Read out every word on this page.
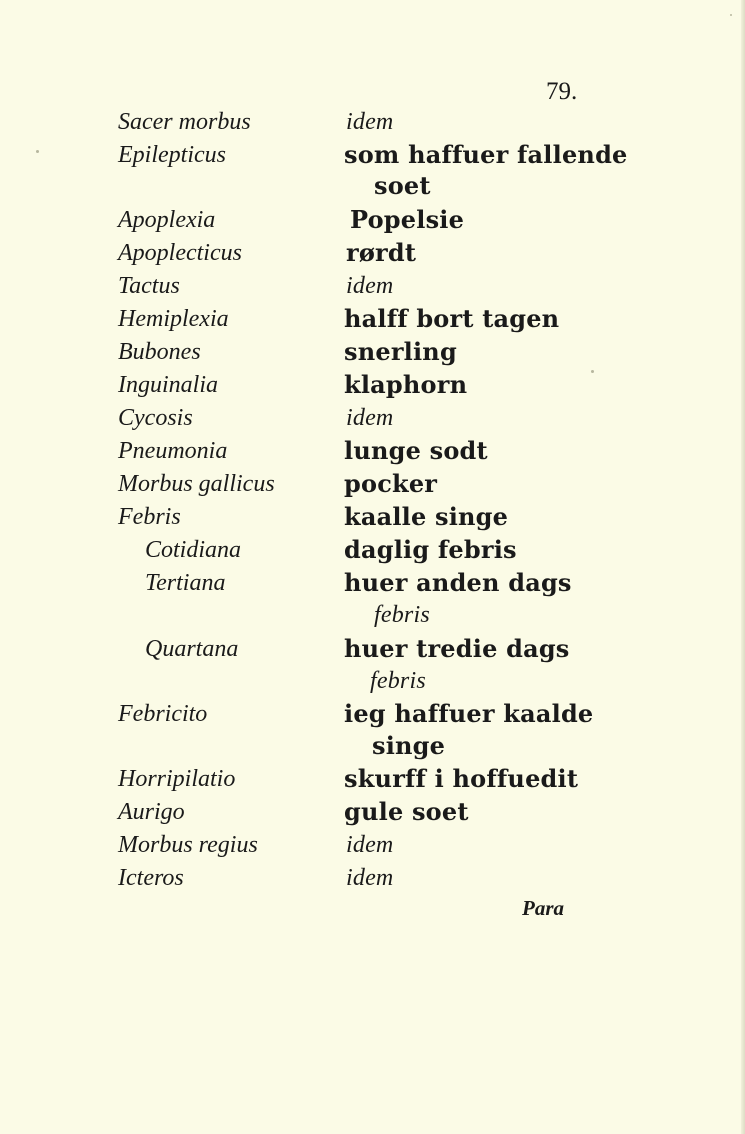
79.
Sacer morbus	idem
Epilepticus	som haffuer fallende
soet
Apoplexia	Popelsie
Apoplecticus	rørdt
Tactus	idem
Hemiplexia	halff bort tagen
Bubones	snerling
Inguinalia	klaphorn
Cycosis	idem
Pneumonia	lunge sodt
Morbus gallicus	pocker
Febris	kaalle singe
Cotidiana	daglig febris
Tertiana	huer anden dags
febris
Quartana	huer tredie dags
febris
Febricito	ieg haffuer kaalde
singe
Horripilatio	skurff i hoffuedit
Aurigo	gule soet
Morbus regius	idem
Icteros	idem
Para
